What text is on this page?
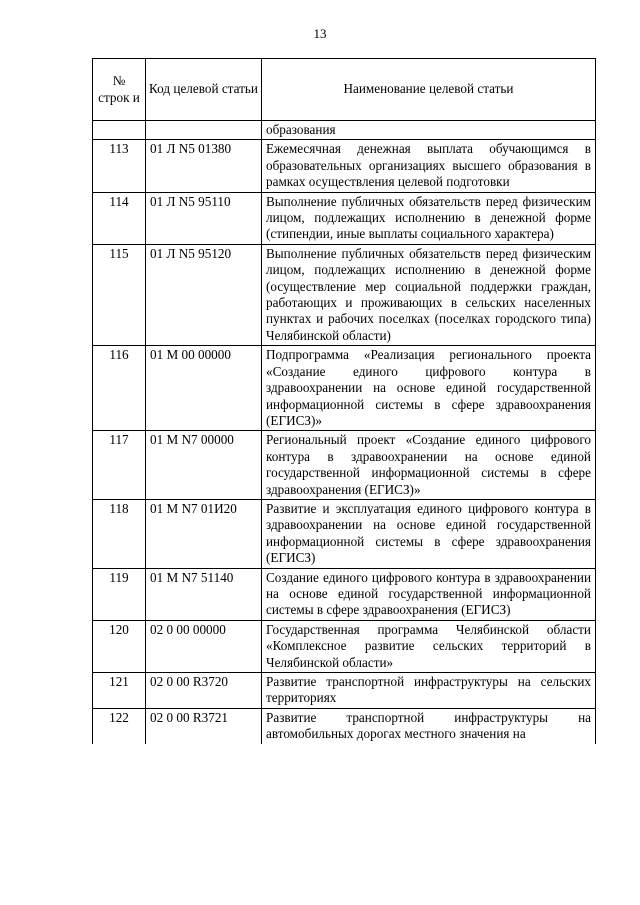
13
№ строк и	Код целевой статьи	Наименование целевой статьи
		образования
113	01 Л N5 01380	Ежемесячная денежная выплата обучающимся в образовательных организациях высшего образования в рамках осуществления целевой подготовки
114	01 Л N5 95110	Выполнение публичных обязательств перед физическим лицом, подлежащих исполнению в денежной форме (стипендии, иные выплаты социального характера)
115	01 Л N5 95120	Выполнение публичных обязательств перед физическим лицом, подлежащих исполнению в денежной форме (осуществление мер социальной поддержки граждан, работающих и проживающих в сельских населенных пунктах и рабочих поселках (поселках городского типа) Челябинской области)
116	01 М 00 00000	Подпрограмма «Реализация регионального проекта «Создание единого цифрового контура в здравоохранении на основе единой государственной информационной системы в сфере здравоохранения (ЕГИСЗ)»
117	01 М N7 00000	Региональный проект «Создание единого цифрового контура в здравоохранении на основе единой государственной информационной системы в сфере здравоохранения (ЕГИСЗ)»
118	01 М N7 01И20	Развитие и эксплуатация единого цифрового контура в здравоохранении на основе единой государственной информационной системы в сфере здравоохранения (ЕГИСЗ)
119	01 М N7 51140	Создание единого цифрового контура в здравоохранении на основе единой государственной информационной системы в сфере здравоохранения (ЕГИСЗ)
120	02 0 00 00000	Государственная программа Челябинской области «Комплексное развитие сельских территорий в Челябинской области»
121	02 0 00 R3720	Развитие транспортной инфраструктуры на сельских территориях
122	02 0 00 R3721	Развитие транспортной инфраструктуры на автомобильных дорогах местного значения на
